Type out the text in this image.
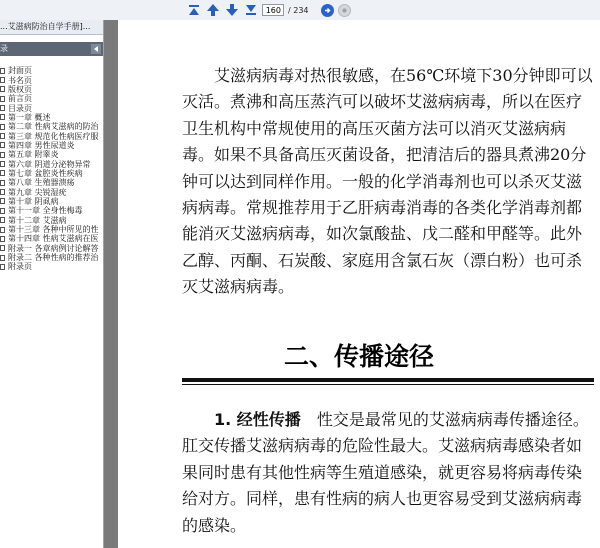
160
/ 234
...艾滋病防治自学手册]...
录
封面页
书名页
版权页
前言页
目录页
第一章 概述
第二章 性病艾滋病的防治
第三章 规范化性病医疗服
第四章 男性尿道炎
第五章 附睾炎
第六章 阴道分泌物异常
第七章 盆腔炎性疾病
第八章 生殖器溃疡
第九章 尖锐湿疣
第十章 阴虱病
第十一章 全身性梅毒
第十二章 艾滋病
第十三章 各种中所见的性
第十四章 性病艾滋病在医
附录一 各章病例讨论解答
附录二 各种性病的推荐治
附录页

艾滋病病毒对热很敏感，在56℃环境下30分钟即可以灭活。煮沸和高压蒸汽可以破坏艾滋病病毒，所以在医疗卫生机构中常规使用的高压灭菌方法可以消灭艾滋病病毒。如果不具备高压灭菌设备，把清洁后的器具煮沸20分钟可以达到同样作用。一般的化学消毒剂也可以杀灭艾滋病病毒。常规推荐用于乙肝病毒消毒的各类化学消毒剂都能消灭艾滋病病毒，如次氯酸盐、戊二醛和甲醛等。此外乙醇、丙酮、石炭酸、家庭用含氯石灰（漂白粉）也可杀灭艾滋病病毒。

二、传播途径

1. 经性传播　 性交是最常见的艾滋病病毒传播途径。肛交传播艾滋病病毒的危险性最大。艾滋病病毒感染者如果同时患有其他性病等生殖道感染，就更容易将病毒传染给对方。同样，患有性病的病人也更容易受到艾滋病病毒的感染。
